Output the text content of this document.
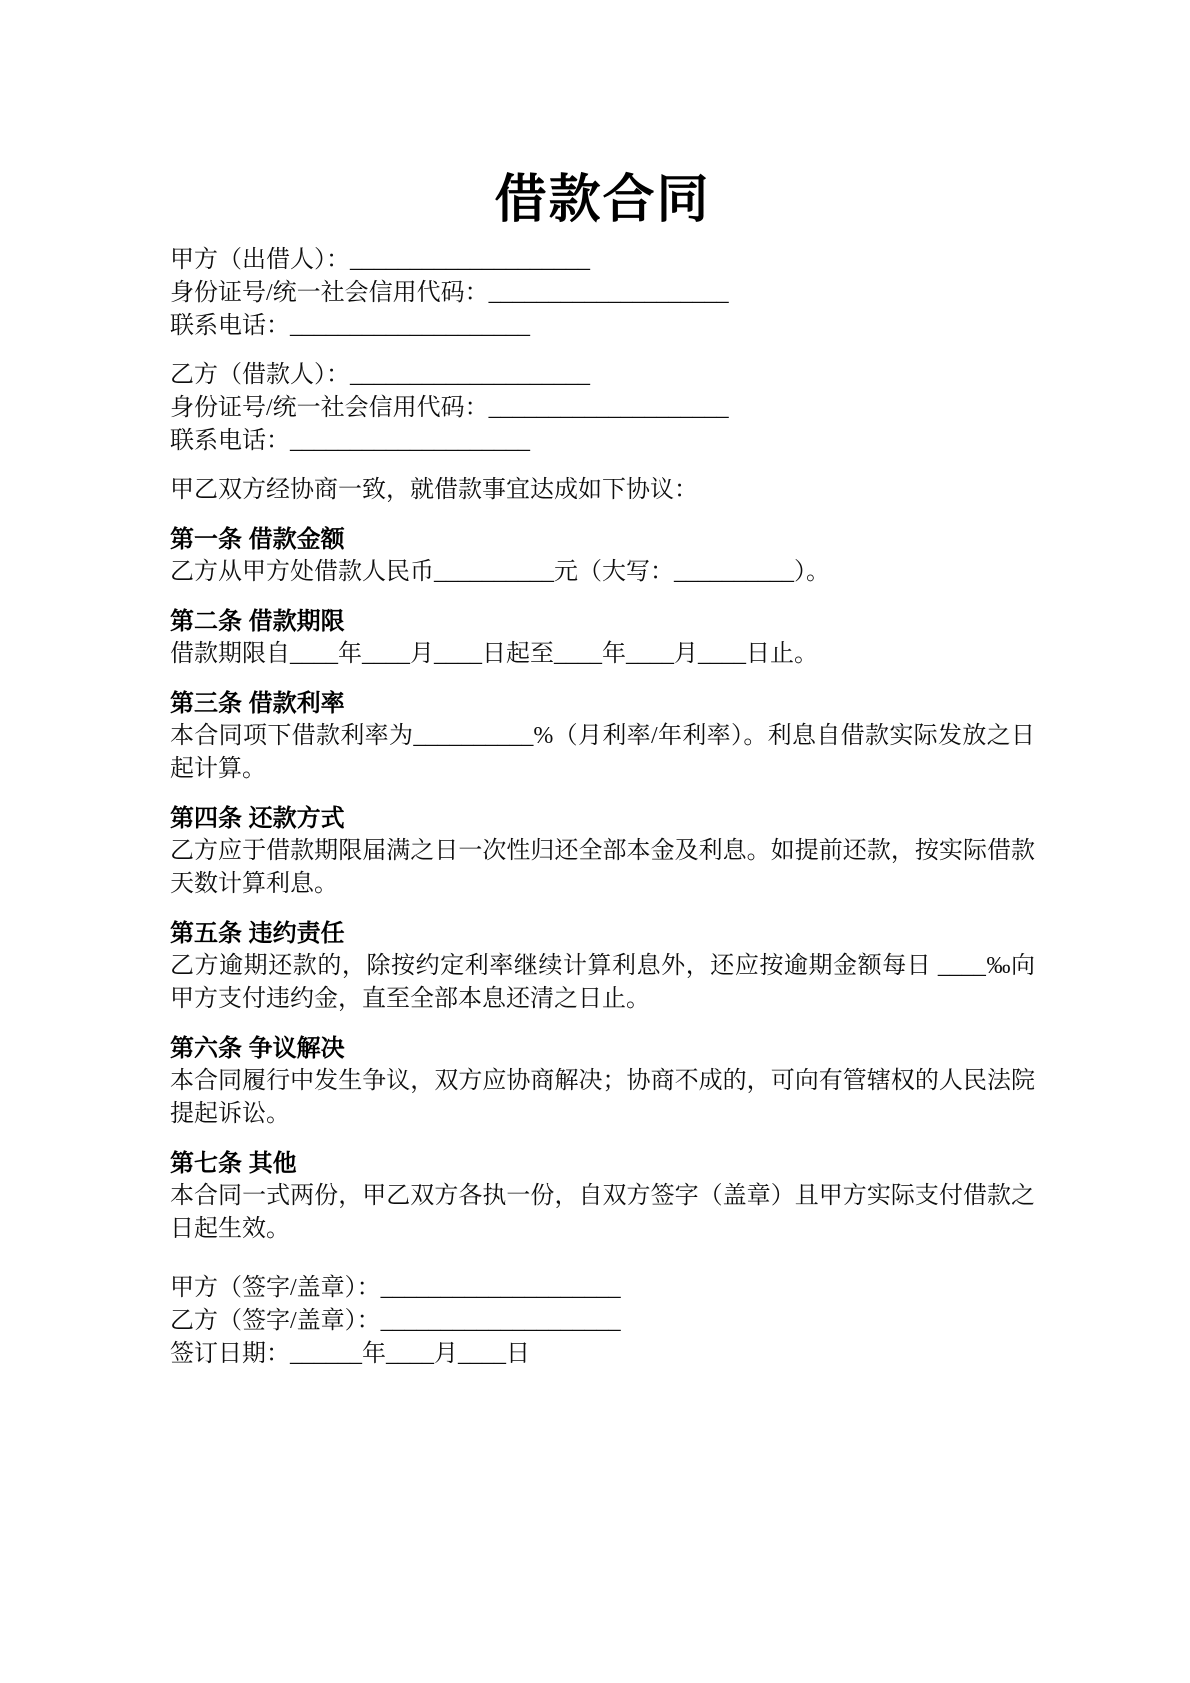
借款合同
甲方（出借人）：____________________
身份证号/统一社会信用代码：____________________
联系电话：____________________
乙方（借款人）：____________________
身份证号/统一社会信用代码：____________________
联系电话：____________________
甲乙双方经协商一致，就借款事宜达成如下协议：
第一条 借款金额
乙方从甲方处借款人民币__________元（大写：__________）。
第二条 借款期限
借款期限自____年____月____日起至____年____月____日止。
第三条 借款利率
本合同项下借款利率为__________%（月利率/年利率）。利息自借款实际发放之日起计算。
第四条 还款方式
乙方应于借款期限届满之日一次性归还全部本金及利息。如提前还款，按实际借款天数计算利息。
第五条 违约责任
乙方逾期还款的，除按约定利率继续计算利息外，还应按逾期金额每日 ____‰向甲方支付违约金，直至全部本息还清之日止。
第六条 争议解决
本合同履行中发生争议，双方应协商解决；协商不成的，可向有管辖权的人民法院提起诉讼。
第七条 其他
本合同一式两份，甲乙双方各执一份，自双方签字（盖章）且甲方实际支付借款之日起生效。
甲方（签字/盖章）：____________________
乙方（签字/盖章）：____________________
签订日期：______年____月____日
